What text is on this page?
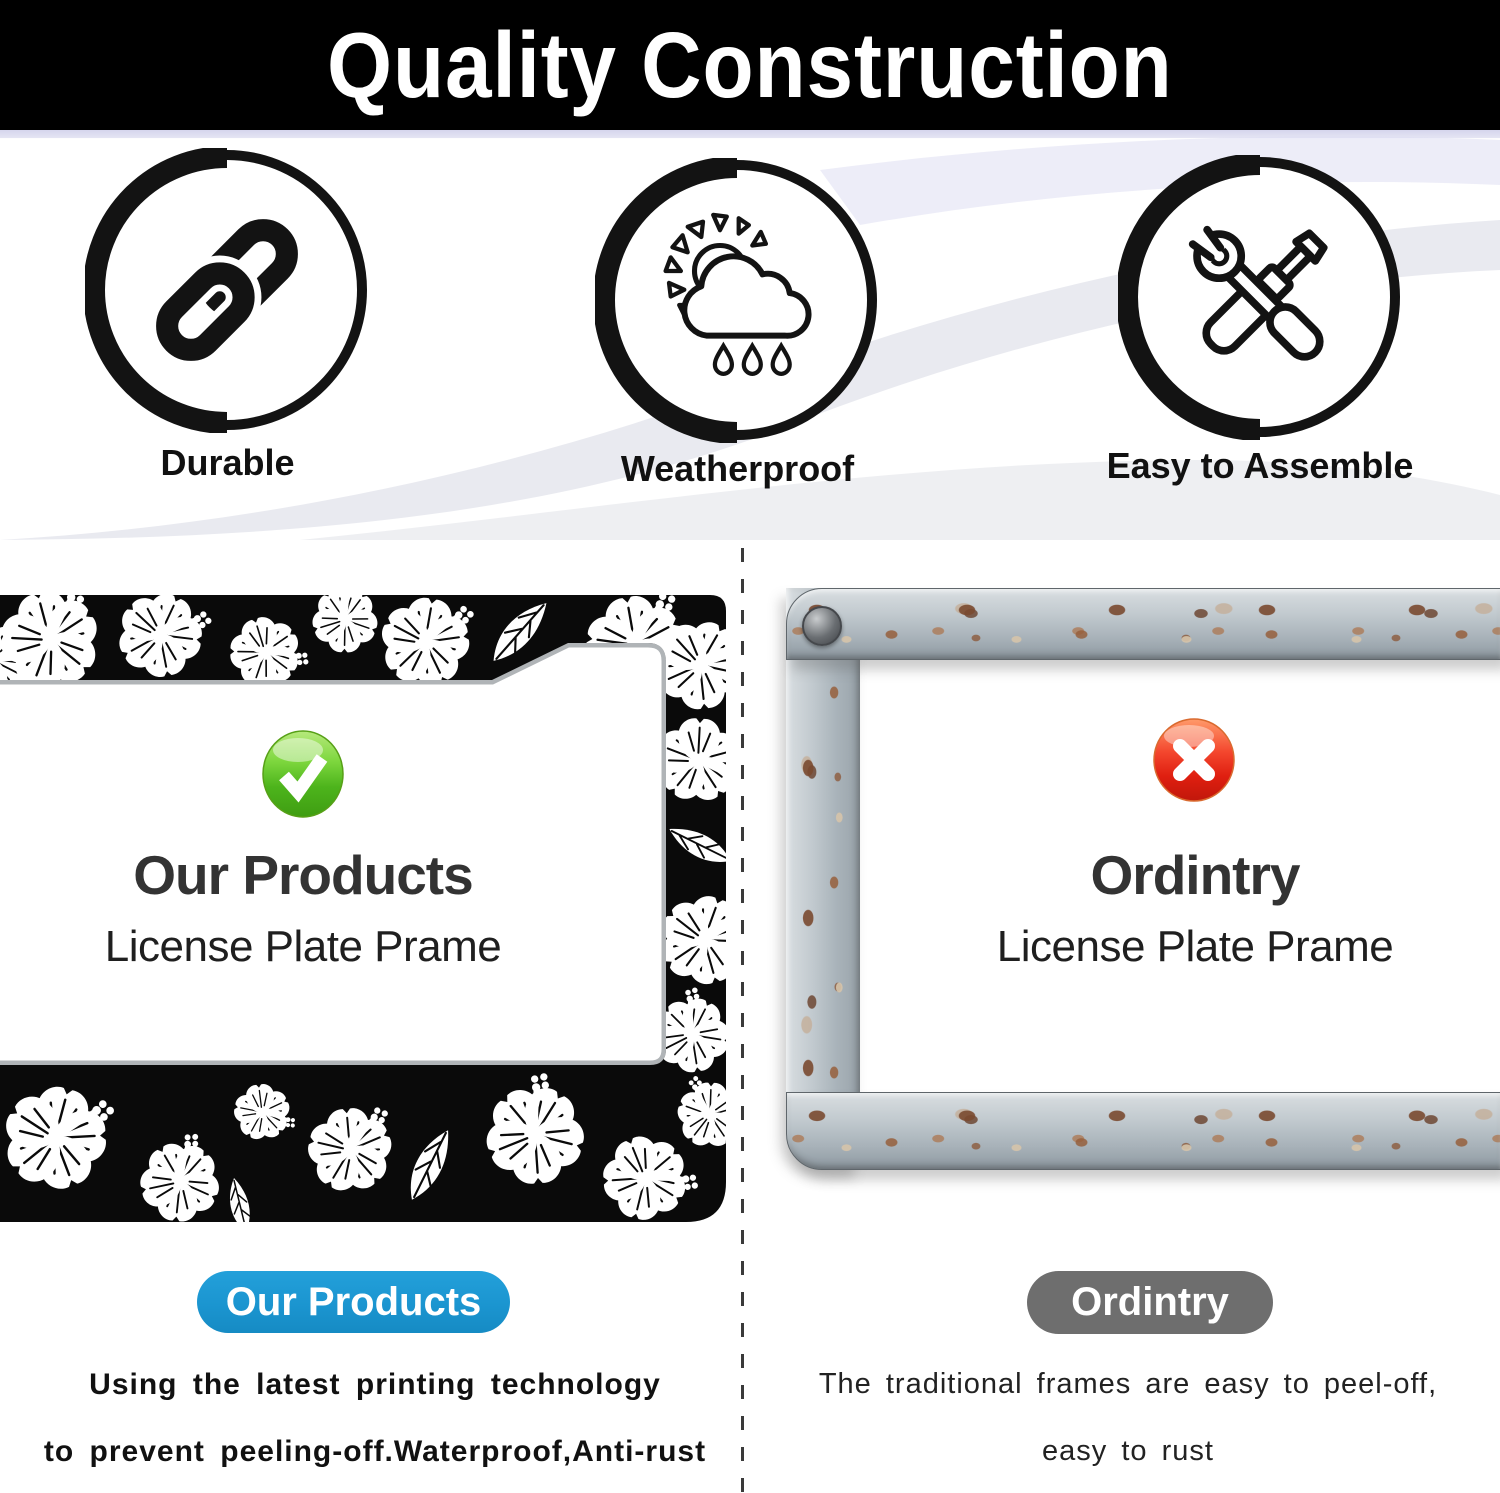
Quality Construction
Durable	Weatherproof	Easy to Assemble
Our Products
License Plate Prame
Ordintry
License Plate Prame
Our Products
Using the latest printing technology
to prevent peeling-off.Waterproof,Anti-rust
Ordintry
The traditional frames are easy to peel-off,
easy to rust
